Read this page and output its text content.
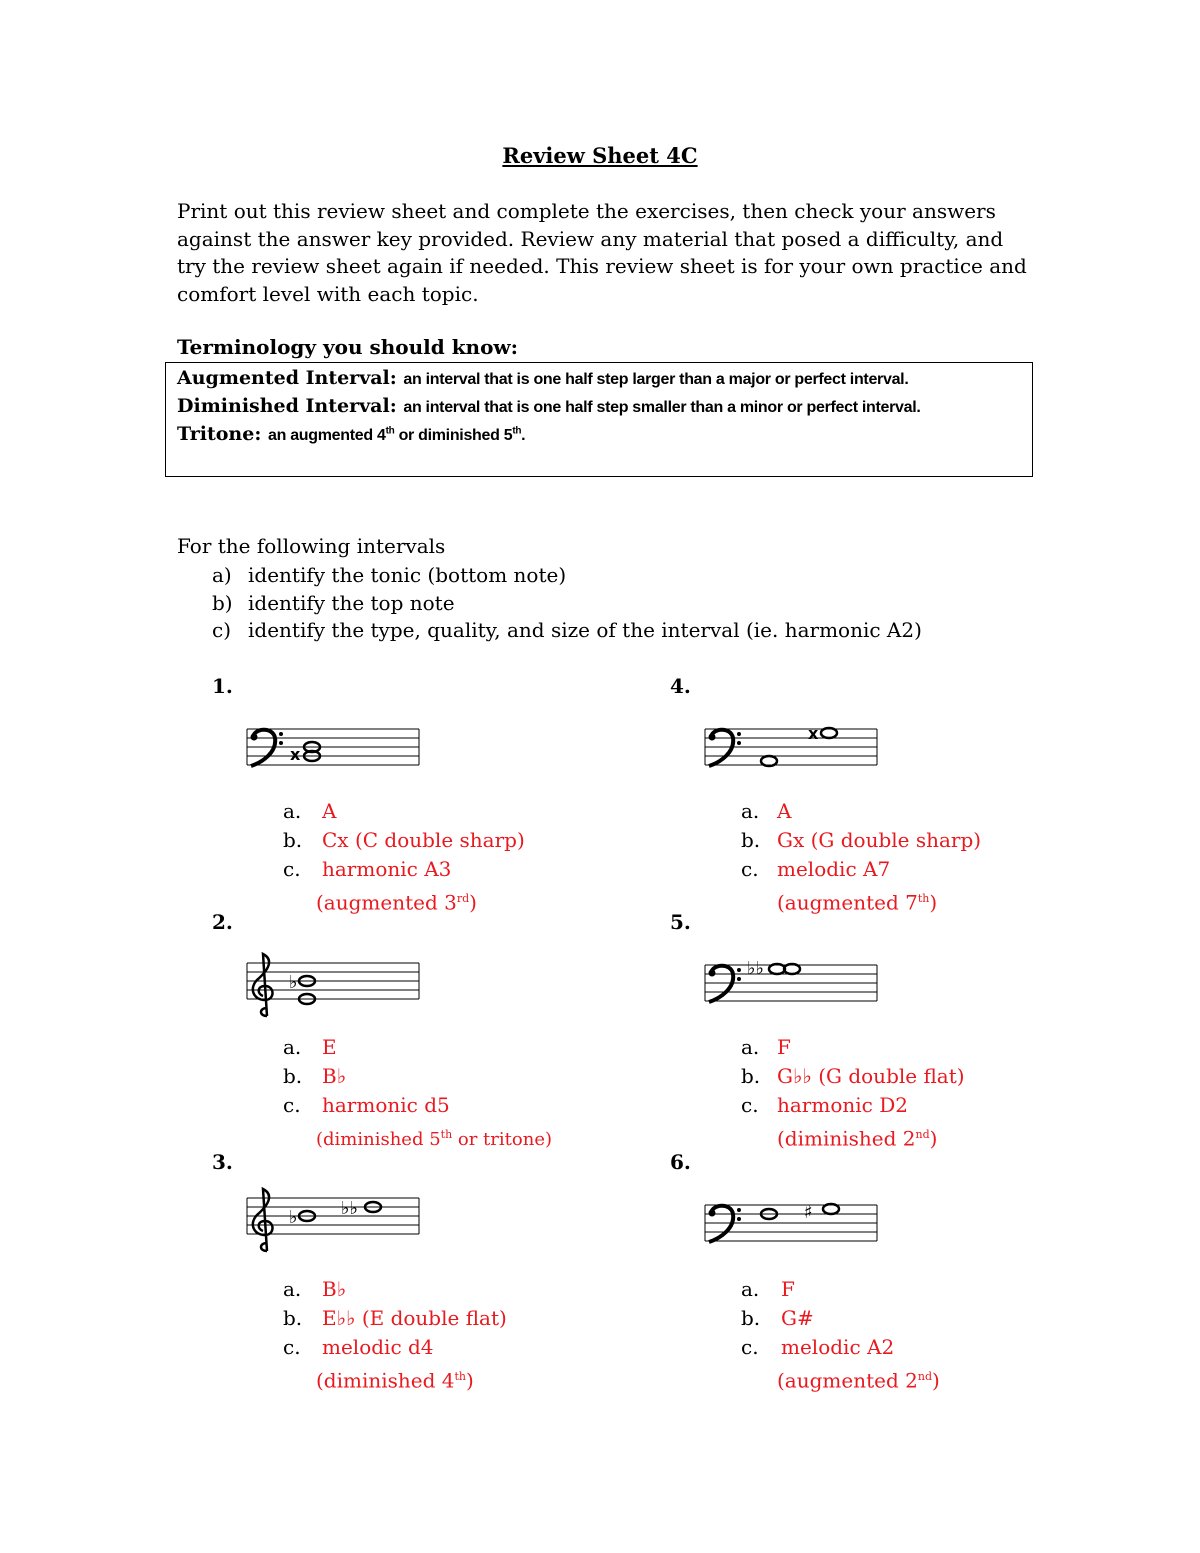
Review Sheet 4C
Print out this review sheet and complete the exercises, then check your answers against the answer key provided. Review any material that posed a difficulty, and try the review sheet again if needed. This review sheet is for your own practice and comfort level with each topic.
Terminology you should know:
Augmented Interval: an interval that is one half step larger than a major or perfect interval.
Diminished Interval: an interval that is one half step smaller than a minor or perfect interval.
Tritone: an augmented 4th or diminished 5th.
For the following intervals
a) identify the tonic (bottom note)
b) identify the top note
c) identify the type, quality, and size of the interval (ie. harmonic A2)
1.
2.
3.
4.
5.
6.
x
♭
♭ ♭♭
x
♭♭
♯
a. A
b. Cx (C double sharp)
c. harmonic A3
(augmented 3rd)
a. E
b. B♭
c. harmonic d5
(diminished 5th or tritone)
a. B♭
b. E♭♭ (E double flat)
c. melodic d4
(diminished 4th)
a. A
b. Gx (G double sharp)
c. melodic A7
(augmented 7th)
a. F
b. G♭♭ (G double flat)
c. harmonic D2
(diminished 2nd)
a. F
b. G#
c. melodic A2
(augmented 2nd)
